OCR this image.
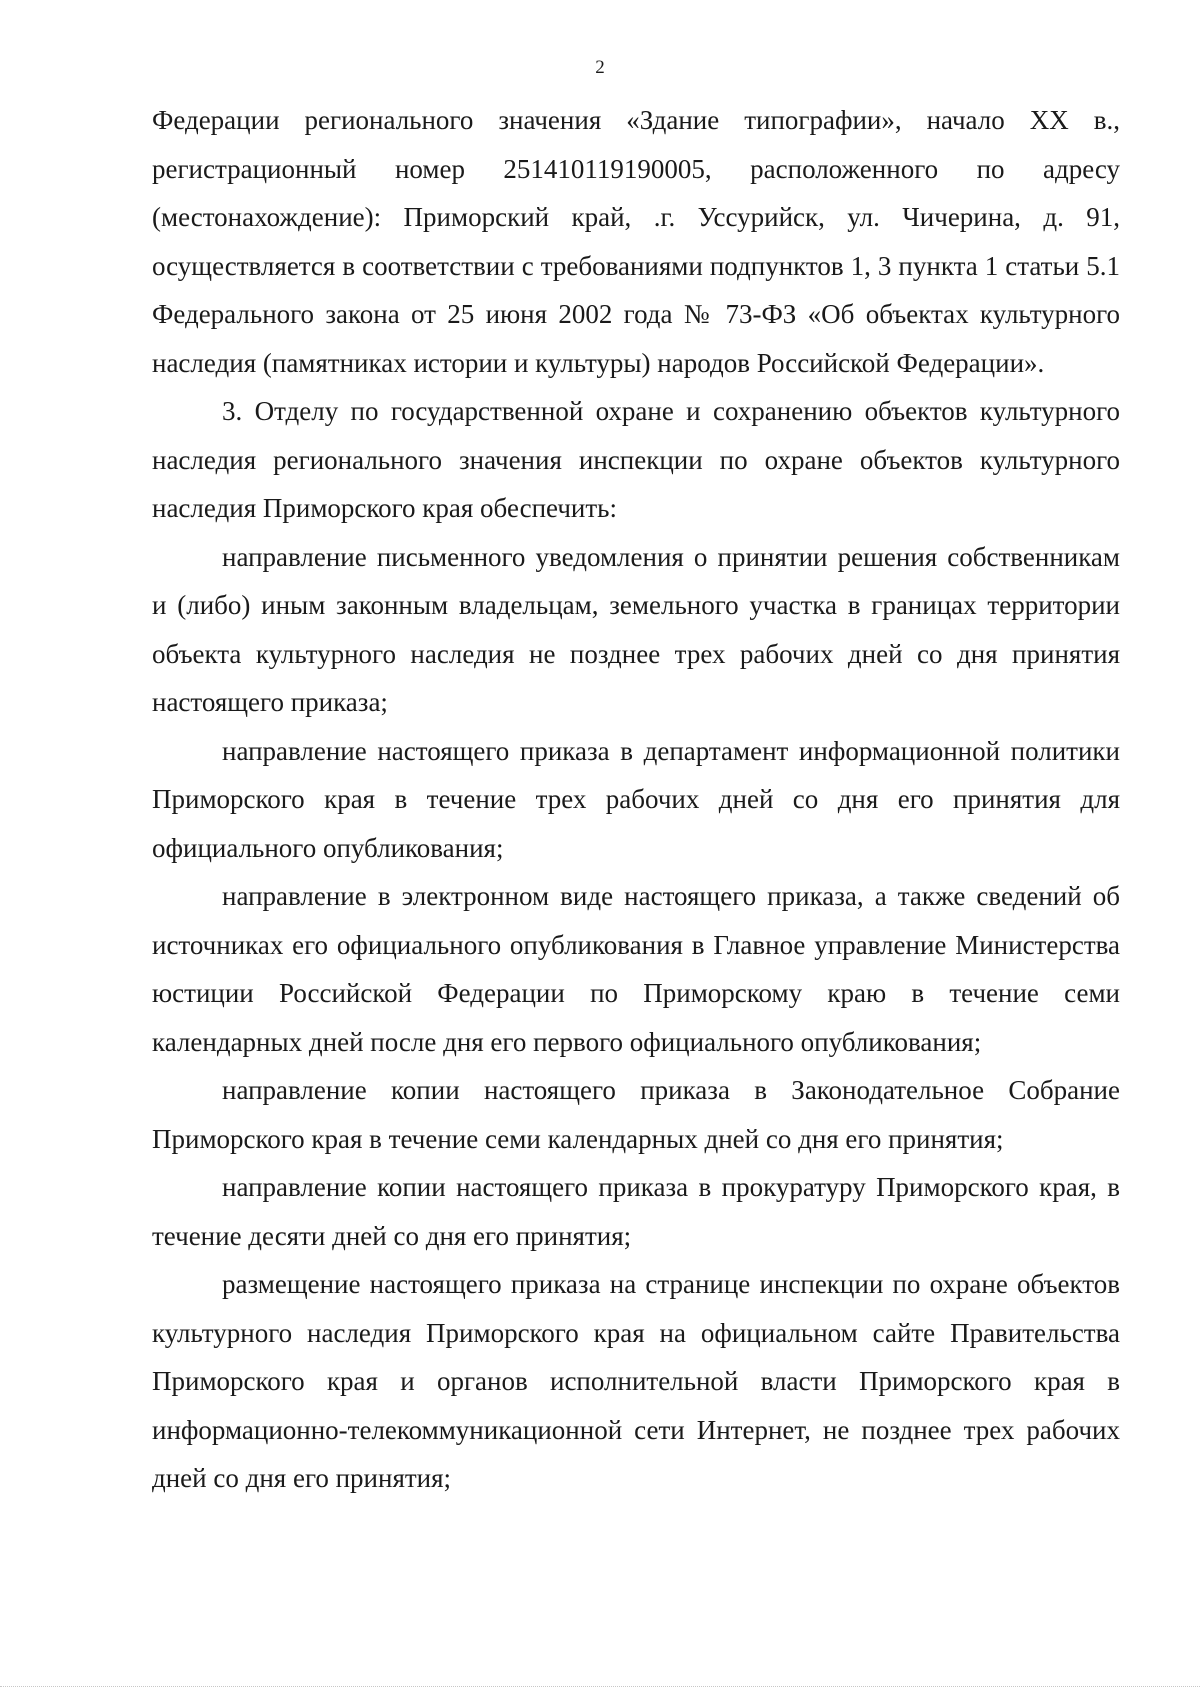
2

Федерации регионального значения «Здание типографии», начало XX в., регистрационный номер 251410119190005, расположенного по адресу (местонахождение): Приморский край, .г. Уссурийск, ул. Чичерина, д. 91, осуществляется в соответствии с требованиями подпунктов 1, 3 пункта 1 статьи 5.1 Федерального закона от 25 июня 2002 года № 73-ФЗ «Об объектах культурного наследия (памятниках истории и культуры) народов Российской Федерации».

3. Отделу по государственной охране и сохранению объектов культурного наследия регионального значения инспекции по охране объектов культурного наследия Приморского края обеспечить:

направление письменного уведомления о принятии решения собственникам и (либо) иным законным владельцам, земельного участка в границах территории объекта культурного наследия не позднее трех рабочих дней со дня принятия настоящего приказа;

направление настоящего приказа в департамент информационной политики Приморского края в течение трех рабочих дней со дня его принятия для официального опубликования;

направление в электронном виде настоящего приказа, а также сведений об источниках его официального опубликования в Главное управление Министерства юстиции Российской Федерации по Приморскому краю в течение семи календарных дней после дня его первого официального опубликования;

направление копии настоящего приказа в Законодательное Собрание Приморского края в течение семи календарных дней со дня его принятия;

направление копии настоящего приказа в прокуратуру Приморского края, в течение десяти дней со дня его принятия;

размещение настоящего приказа на странице инспекции по охране объектов культурного наследия Приморского края на официальном сайте Правительства Приморского края и органов исполнительной власти Приморского края в информационно-телекоммуникационной сети Интернет, не позднее трех рабочих дней со дня его принятия;
